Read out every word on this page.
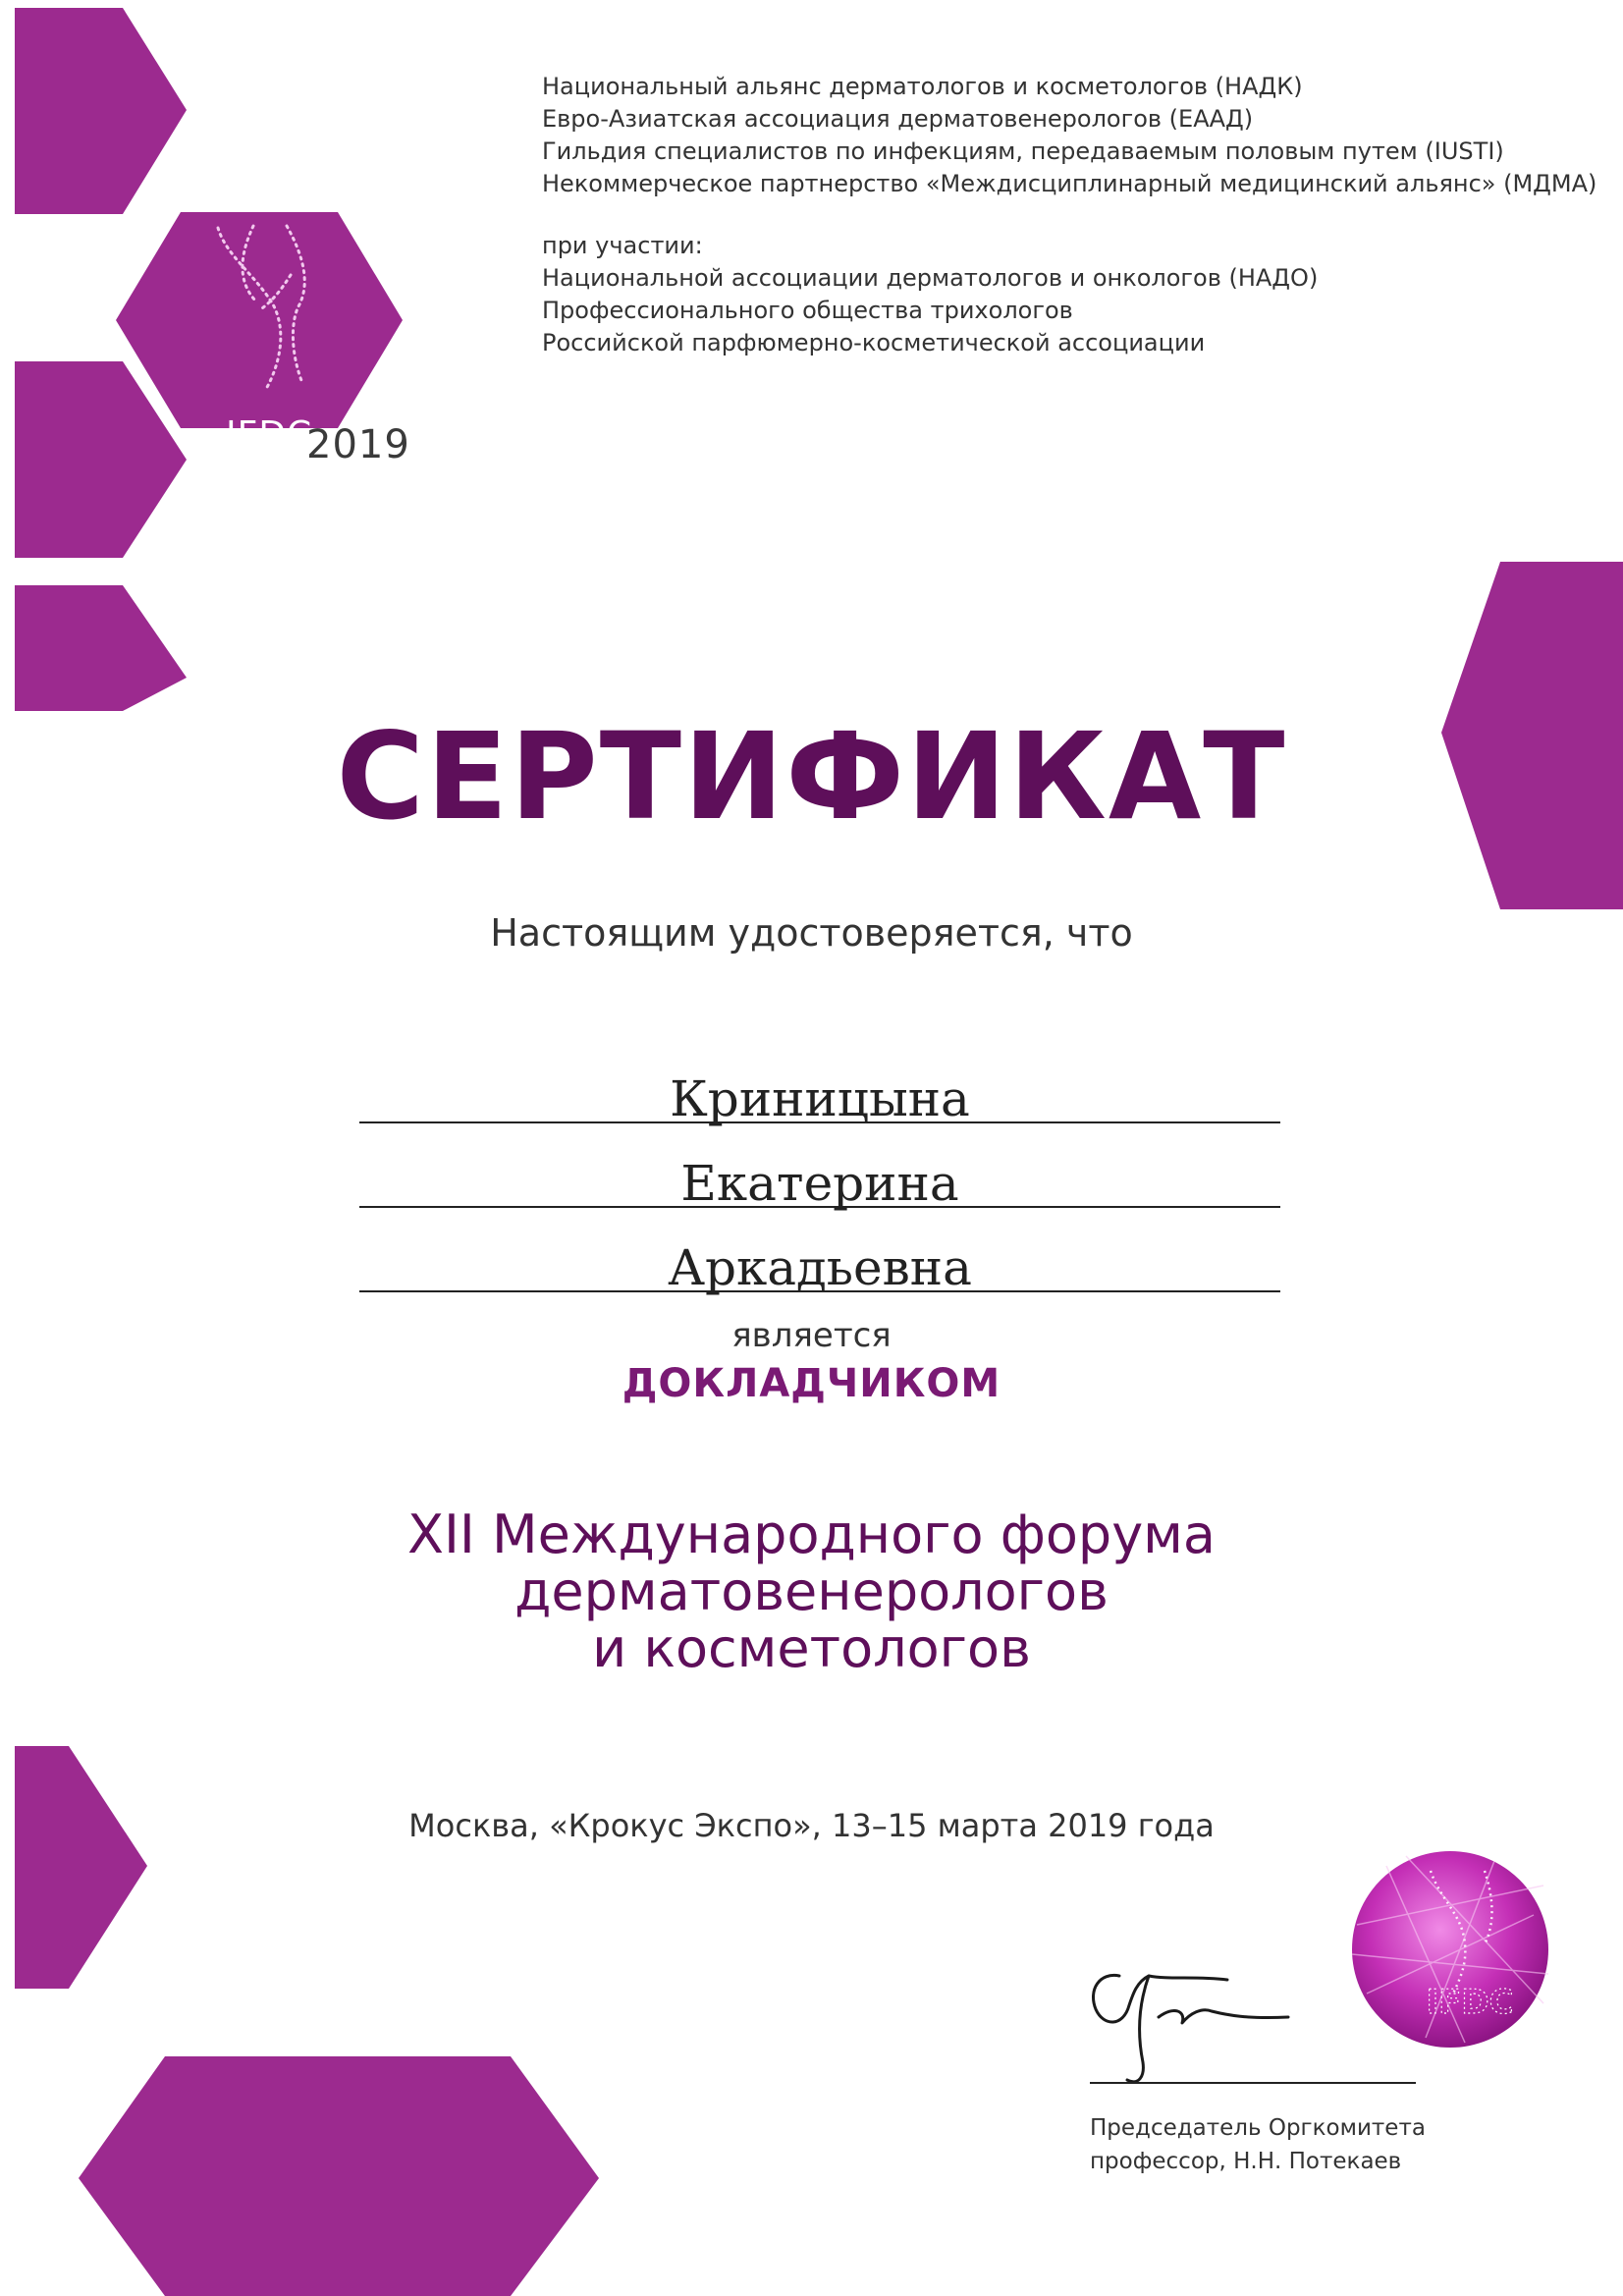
IFDC
2019
Национальный альянс дерматологов и косметологов (НАДК)
Евро-Азиатская ассоциация дерматовенерологов (ЕААД)
Гильдия специалистов по инфекциям, передаваемым половым путем (IUSTI)
Некоммерческое партнерство «Междисциплинарный медицинский альянс» (МДМА)
при участии:
Национальной ассоциации дерматологов и онкологов (НАДО)
Профессионального общества трихологов
Российской парфюмерно-косметической ассоциации
СЕРТИФИКАТ
Настоящим удостоверяется, что
Криницына
Екатерина
Аркадьевна
является
ДОКЛАДЧИКОМ
XII Международного форума
дерматовенерологов
и косметологов
Москва, «Крокус Экспо», 13–15 марта 2019 года
IFDC
Председатель Оргкомитета
профессор, Н.Н. Потекаев
